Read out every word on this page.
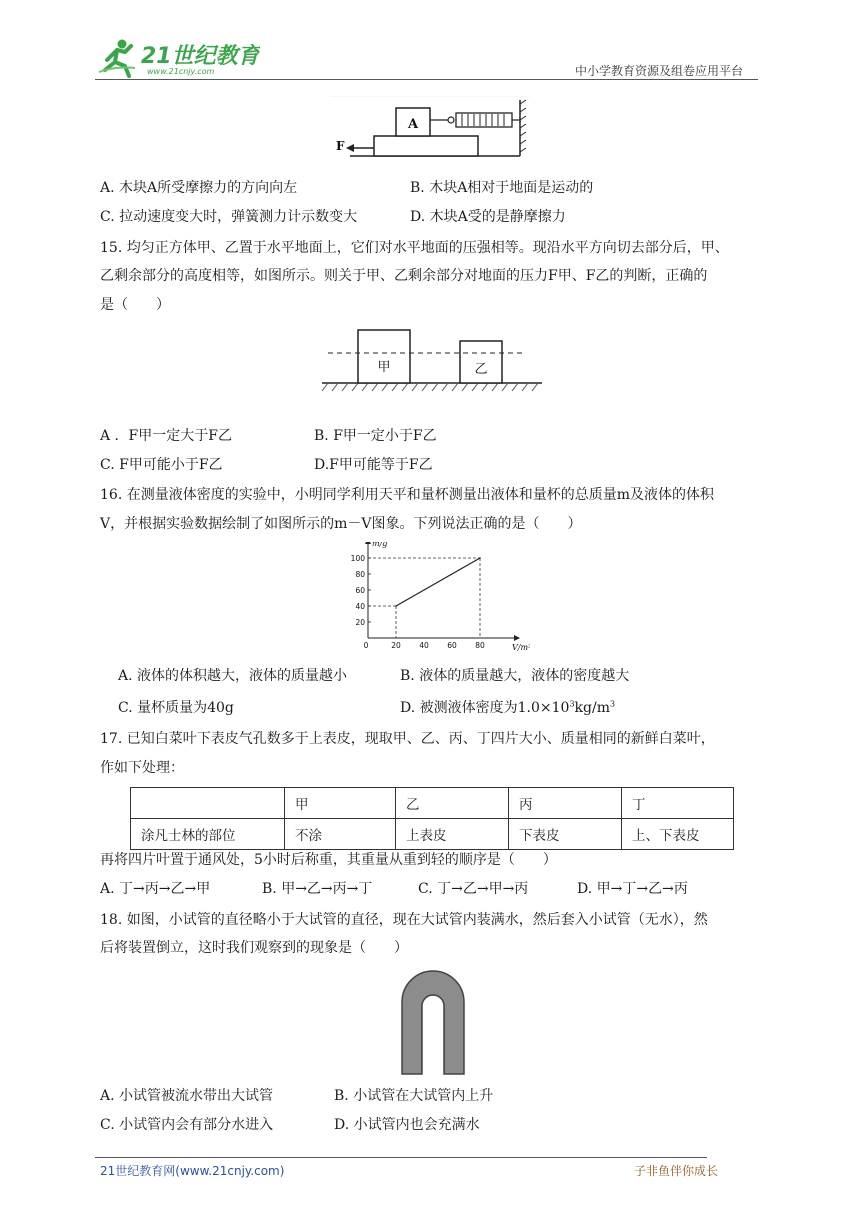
21世纪教育
www.21cnjy.com	中小学教育资源及组卷应用平台
A
F
A. 木块A所受摩擦力的方向向左	B. 木块A相对于地面是运动的
C. 拉动速度变大时，弹簧测力计示数变大	D. 木块A受的是静摩擦力
15. 均匀正方体甲、乙置于水平地面上，它们对水平地面的压强相等。现沿水平方向切去部分后，甲、
乙剩余部分的高度相等，如图所示。则关于甲、乙剩余部分对地面的压力F甲、F乙的判断，正确的
是（　　）
甲	乙
A ．F甲一定大于F乙	B. F甲一定小于F乙
C. F甲可能小于F乙	D.F甲可能等于F乙
16. 在测量液体密度的实验中，小明同学利用天平和量杯测量出液体和量杯的总质量m及液体的体积
V，并根据实验数据绘制了如图所示的m－V图象。下列说法正确的是（　　）
m/g
V/m³
0	20 40 60 80
20
40
60
80
100
A. 液体的体积越大，液体的质量越小	B. 液体的质量越大，液体的密度越大
C. 量杯质量为40g	D. 被测液体密度为$1.0\times 10^3kg/m^3$
17. 已知白菜叶下表皮气孔数多于上表皮，现取甲、乙、丙、丁四片大小、质量相同的新鲜白菜叶，
作如下处理：
	甲	乙	丙	丁
涂凡士林的部位	不涂	上表皮	下表皮	上、下表皮
再将四片叶置于通风处，5小时后称重，其重量从重到轻的顺序是（　　）
A. 丁→丙→乙→甲	B. 甲→乙→丙→丁	C. 丁→乙→甲→丙	D. 甲→丁→乙→丙
18. 如图，小试管的直径略小于大试管的直径，现在大试管内装满水，然后套入小试管（无水），然
后将装置倒立，这时我们观察到的现象是（　　）
A. 小试管被流水带出大试管	B. 小试管在大试管内上升
C. 小试管内会有部分水进入	D. 小试管内也会充满水
21世纪教育网(www.21cnjy.com)	子非鱼伴你成长
